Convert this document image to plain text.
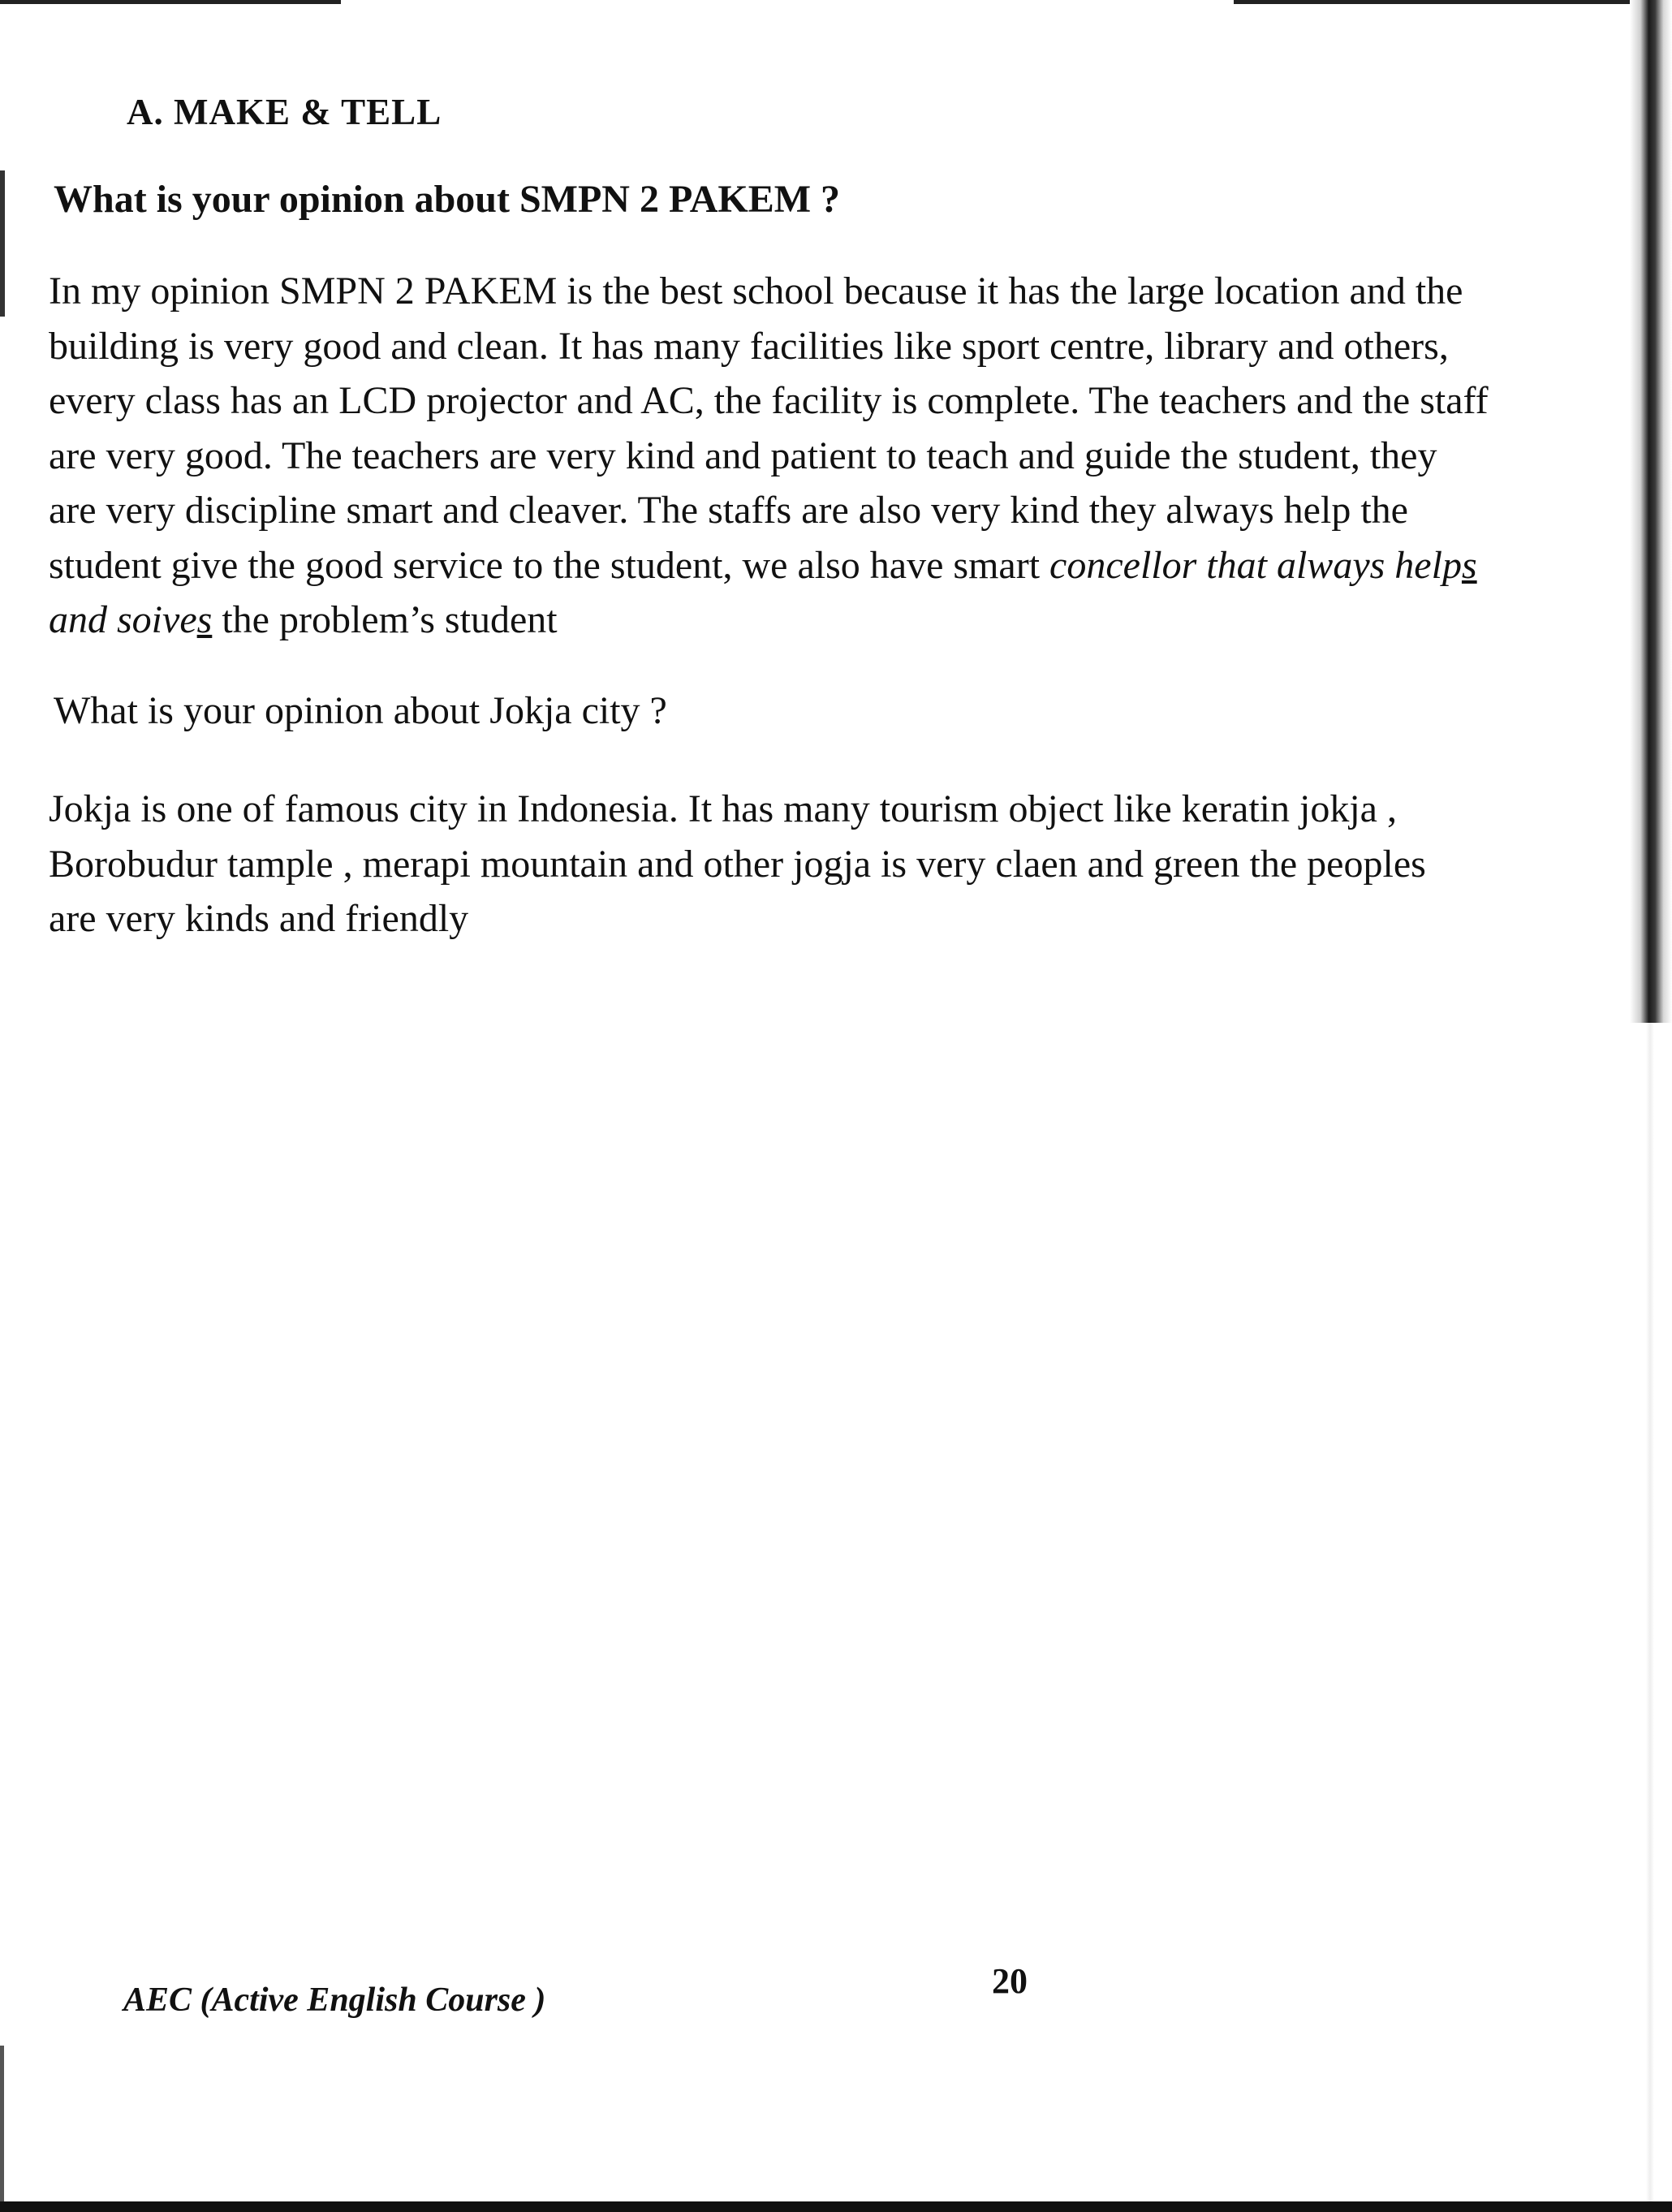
A. MAKE & TELL
What is your opinion about SMPN 2 PAKEM ?
In my opinion SMPN 2 PAKEM is the best school because it has the large location and the
building is very good and clean. It has many facilities like sport centre, library and others,
every class has an LCD projector and AC, the facility is complete. The teachers and the staff
are very good. The teachers are very kind and patient to teach and guide the student, they
are very discipline smart and cleaver. The staffs are also very kind they always help the
student give the good service to the student, we also have smart concellor that always helps
and soives the problem’s student
What is your opinion about Jokja city ?
Jokja is one of famous city in Indonesia. It has many tourism object like keratin jokja ,
Borobudur tample , merapi mountain and other jogja is very claen and green the peoples
are very kinds and friendly
AEC (Active English Course )	20
